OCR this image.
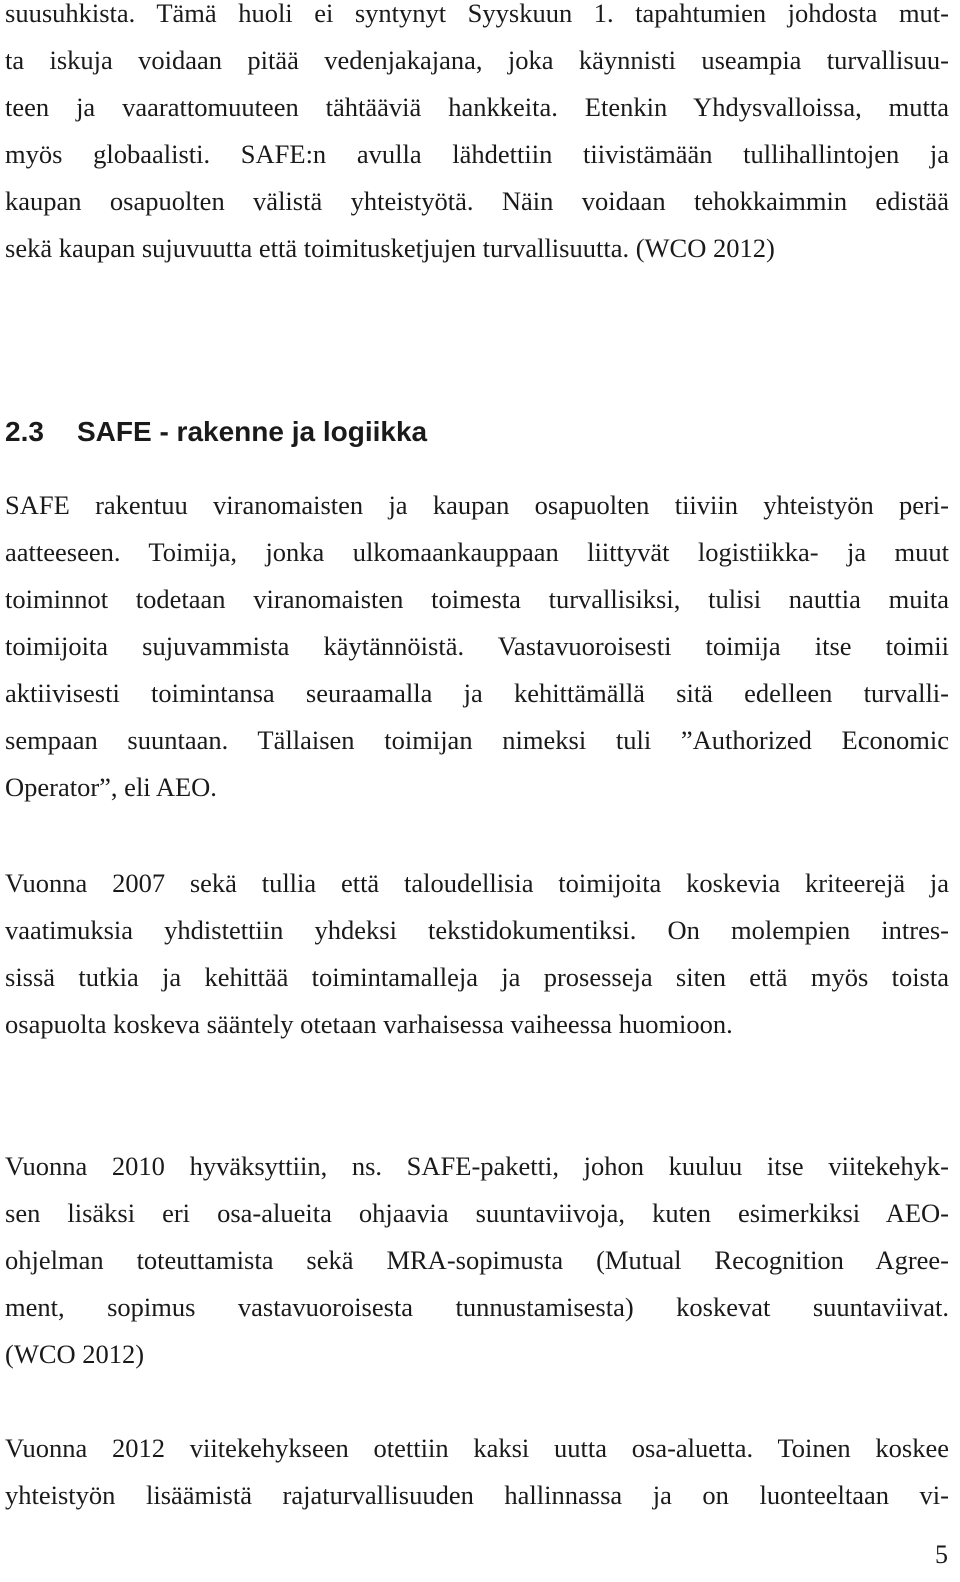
suusuhkista. Tämä huoli ei syntynyt Syyskuun 1. tapahtumien johdosta mut-
ta iskuja voidaan pitää vedenjakajana, joka käynnisti useampia turvallisuu-
teen ja vaarattomuuteen tähtääviä hankkeita. Etenkin Yhdysvalloissa, mutta
myös globaalisti. SAFE:n avulla lähdettiin tiivistämään tullihallintojen ja
kaupan osapuolten välistä yhteistyötä. Näin voidaan tehokkaimmin edistää
sekä kaupan sujuvuutta että toimitusketjujen turvallisuutta. (WCO 2012)
2.3 SAFE - rakenne ja logiikka
SAFE rakentuu viranomaisten ja kaupan osapuolten tiiviin yhteistyön peri-
aatteeseen. Toimija, jonka ulkomaankauppaan liittyvät logistiikka- ja muut
toiminnot todetaan viranomaisten toimesta turvallisiksi, tulisi nauttia muita
toimijoita sujuvammista käytännöistä. Vastavuoroisesti toimija itse toimii
aktiivisesti toimintansa seuraamalla ja kehittämällä sitä edelleen turvalli-
sempaan suuntaan. Tällaisen toimijan nimeksi tuli ”Authorized Economic
Operator”, eli AEO.
Vuonna 2007 sekä tullia että taloudellisia toimijoita koskevia kriteerejä ja
vaatimuksia yhdistettiin yhdeksi tekstidokumentiksi. On molempien intres-
sissä tutkia ja kehittää toimintamalleja ja prosesseja siten että myös toista
osapuolta koskeva sääntely otetaan varhaisessa vaiheessa huomioon.
Vuonna 2010 hyväksyttiin, ns. SAFE-paketti, johon kuuluu itse viitekehyk-
sen lisäksi eri osa-alueita ohjaavia suuntaviivoja, kuten esimerkiksi AEO-
ohjelman toteuttamista sekä MRA-sopimusta (Mutual Recognition Agree-
ment, sopimus vastavuoroisesta tunnustamisesta) koskevat suuntaviivat.
(WCO 2012)
Vuonna 2012 viitekehykseen otettiin kaksi uutta osa-aluetta. Toinen koskee
yhteistyön lisäämistä rajaturvallisuuden hallinnassa ja on luonteeltaan vi-

5
